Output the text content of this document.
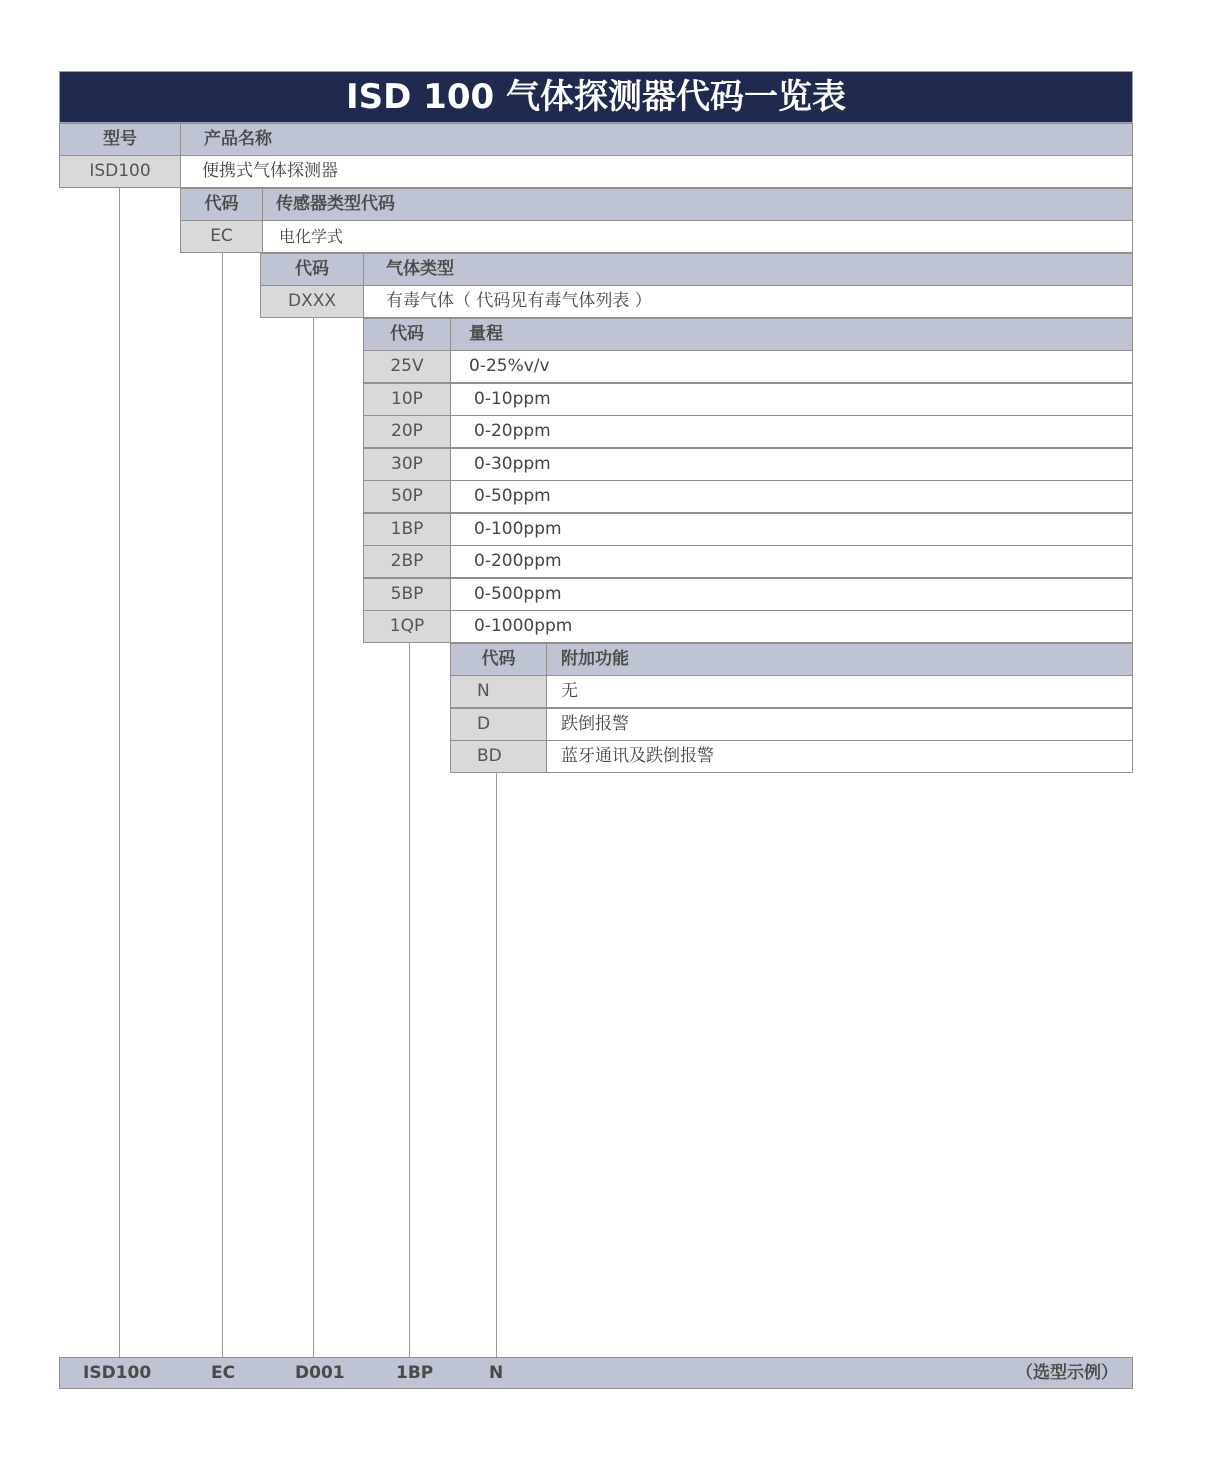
ISD 100 气体探测器代码一览表
型号	产品名称
ISD100	便携式气体探测器
代码	传感器类型代码
EC	电化学式
代码	气体类型
DXXX	有毒气体（ 代码见有毒气体列表 ）
代码	量程
25V	0-25%v/v
10P	0-10ppm
20P	0-20ppm
30P	0-30ppm
50P	0-50ppm
1BP	0-100ppm
2BP	0-200ppm
5BP	0-500ppm
1QP	0-1000ppm
代码	附加功能
N	无
D	跌倒报警
BD	蓝牙通讯及跌倒报警
ISD100	EC	D001	1BP	N	（选型示例）
